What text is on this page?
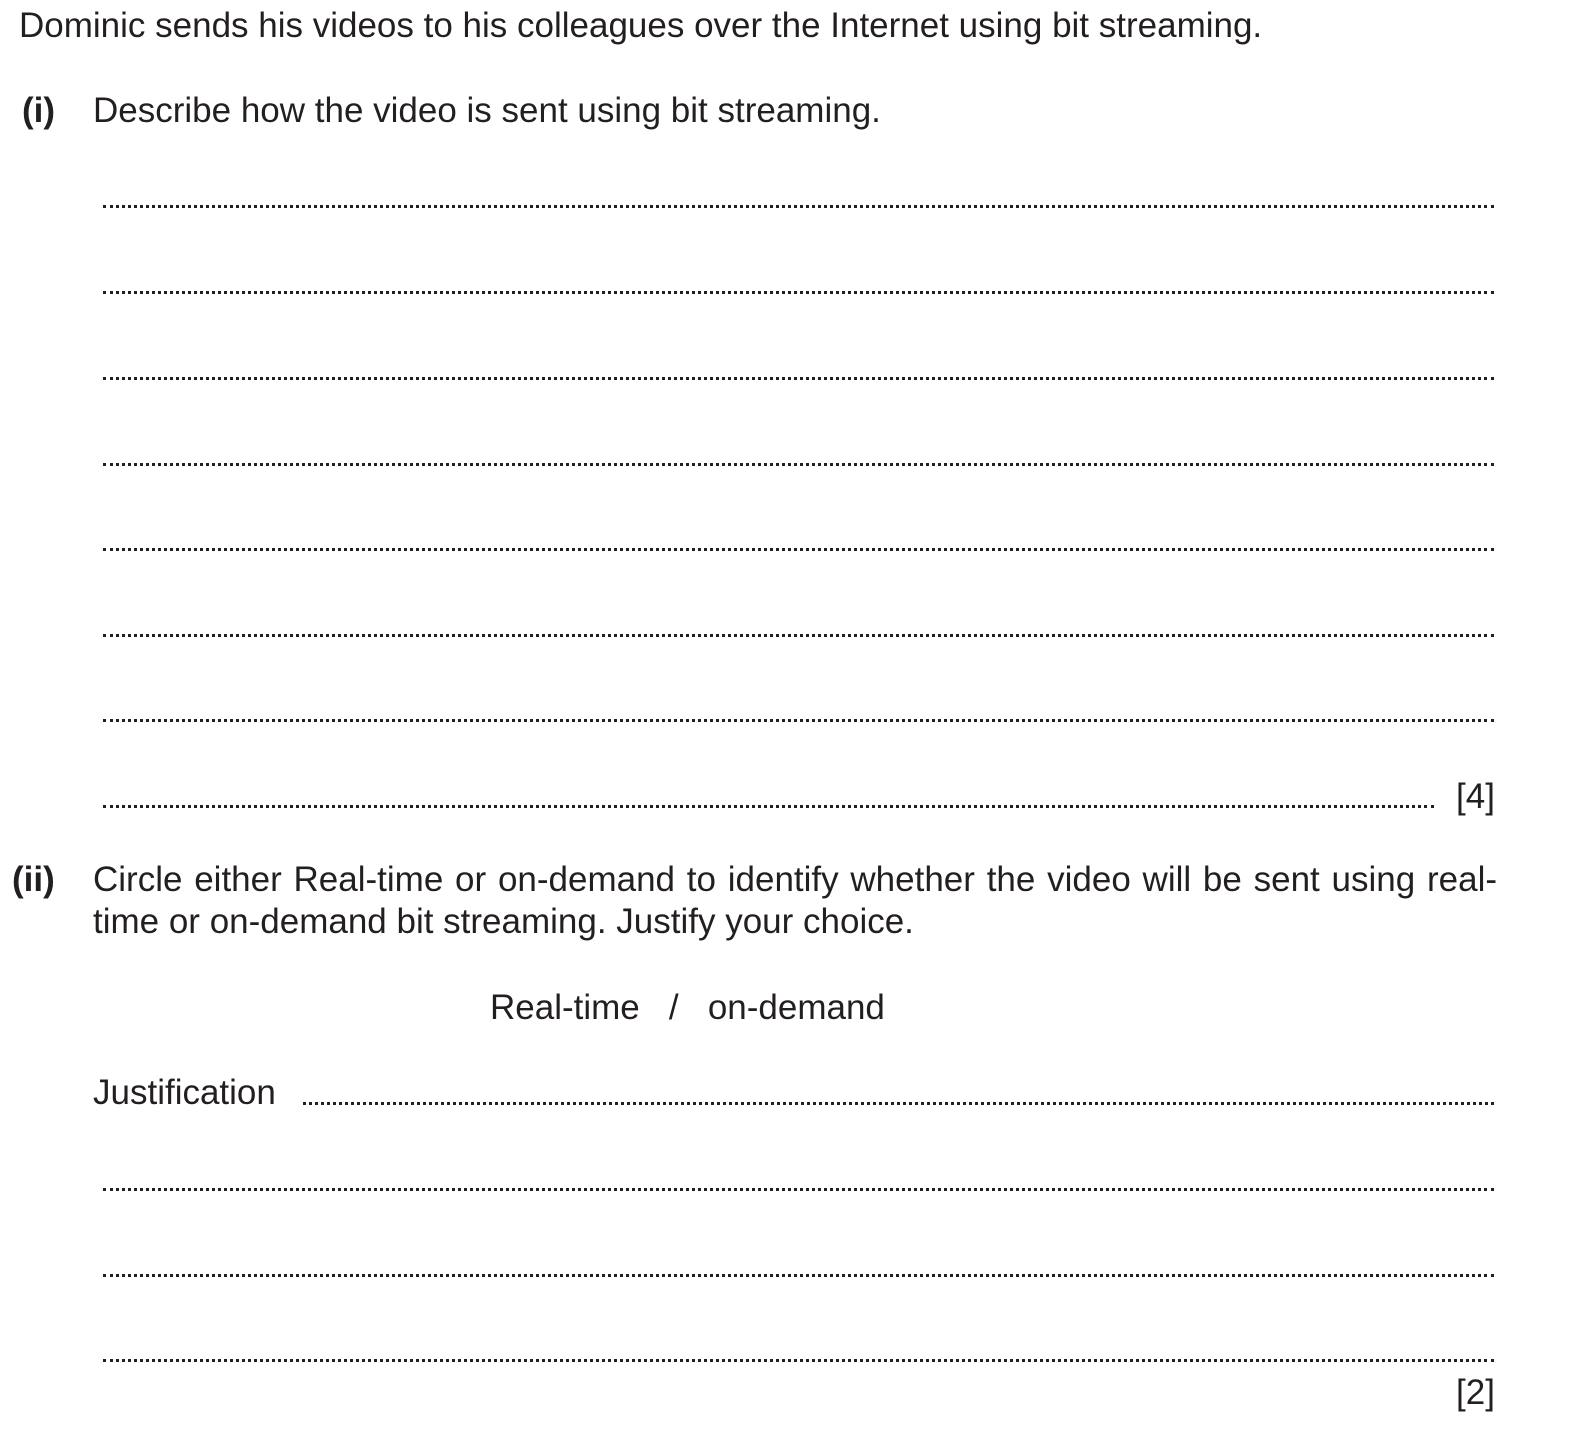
Dominic sends his videos to his colleagues over the Internet using bit streaming.
(i) Describe how the video is sent using bit streaming.
[4]
(ii) Circle either Real-time or on-demand to identify whether the video will be sent using real-time or on-demand bit streaming. Justify your choice.
Real-time   /   on-demand
Justification
[2]
